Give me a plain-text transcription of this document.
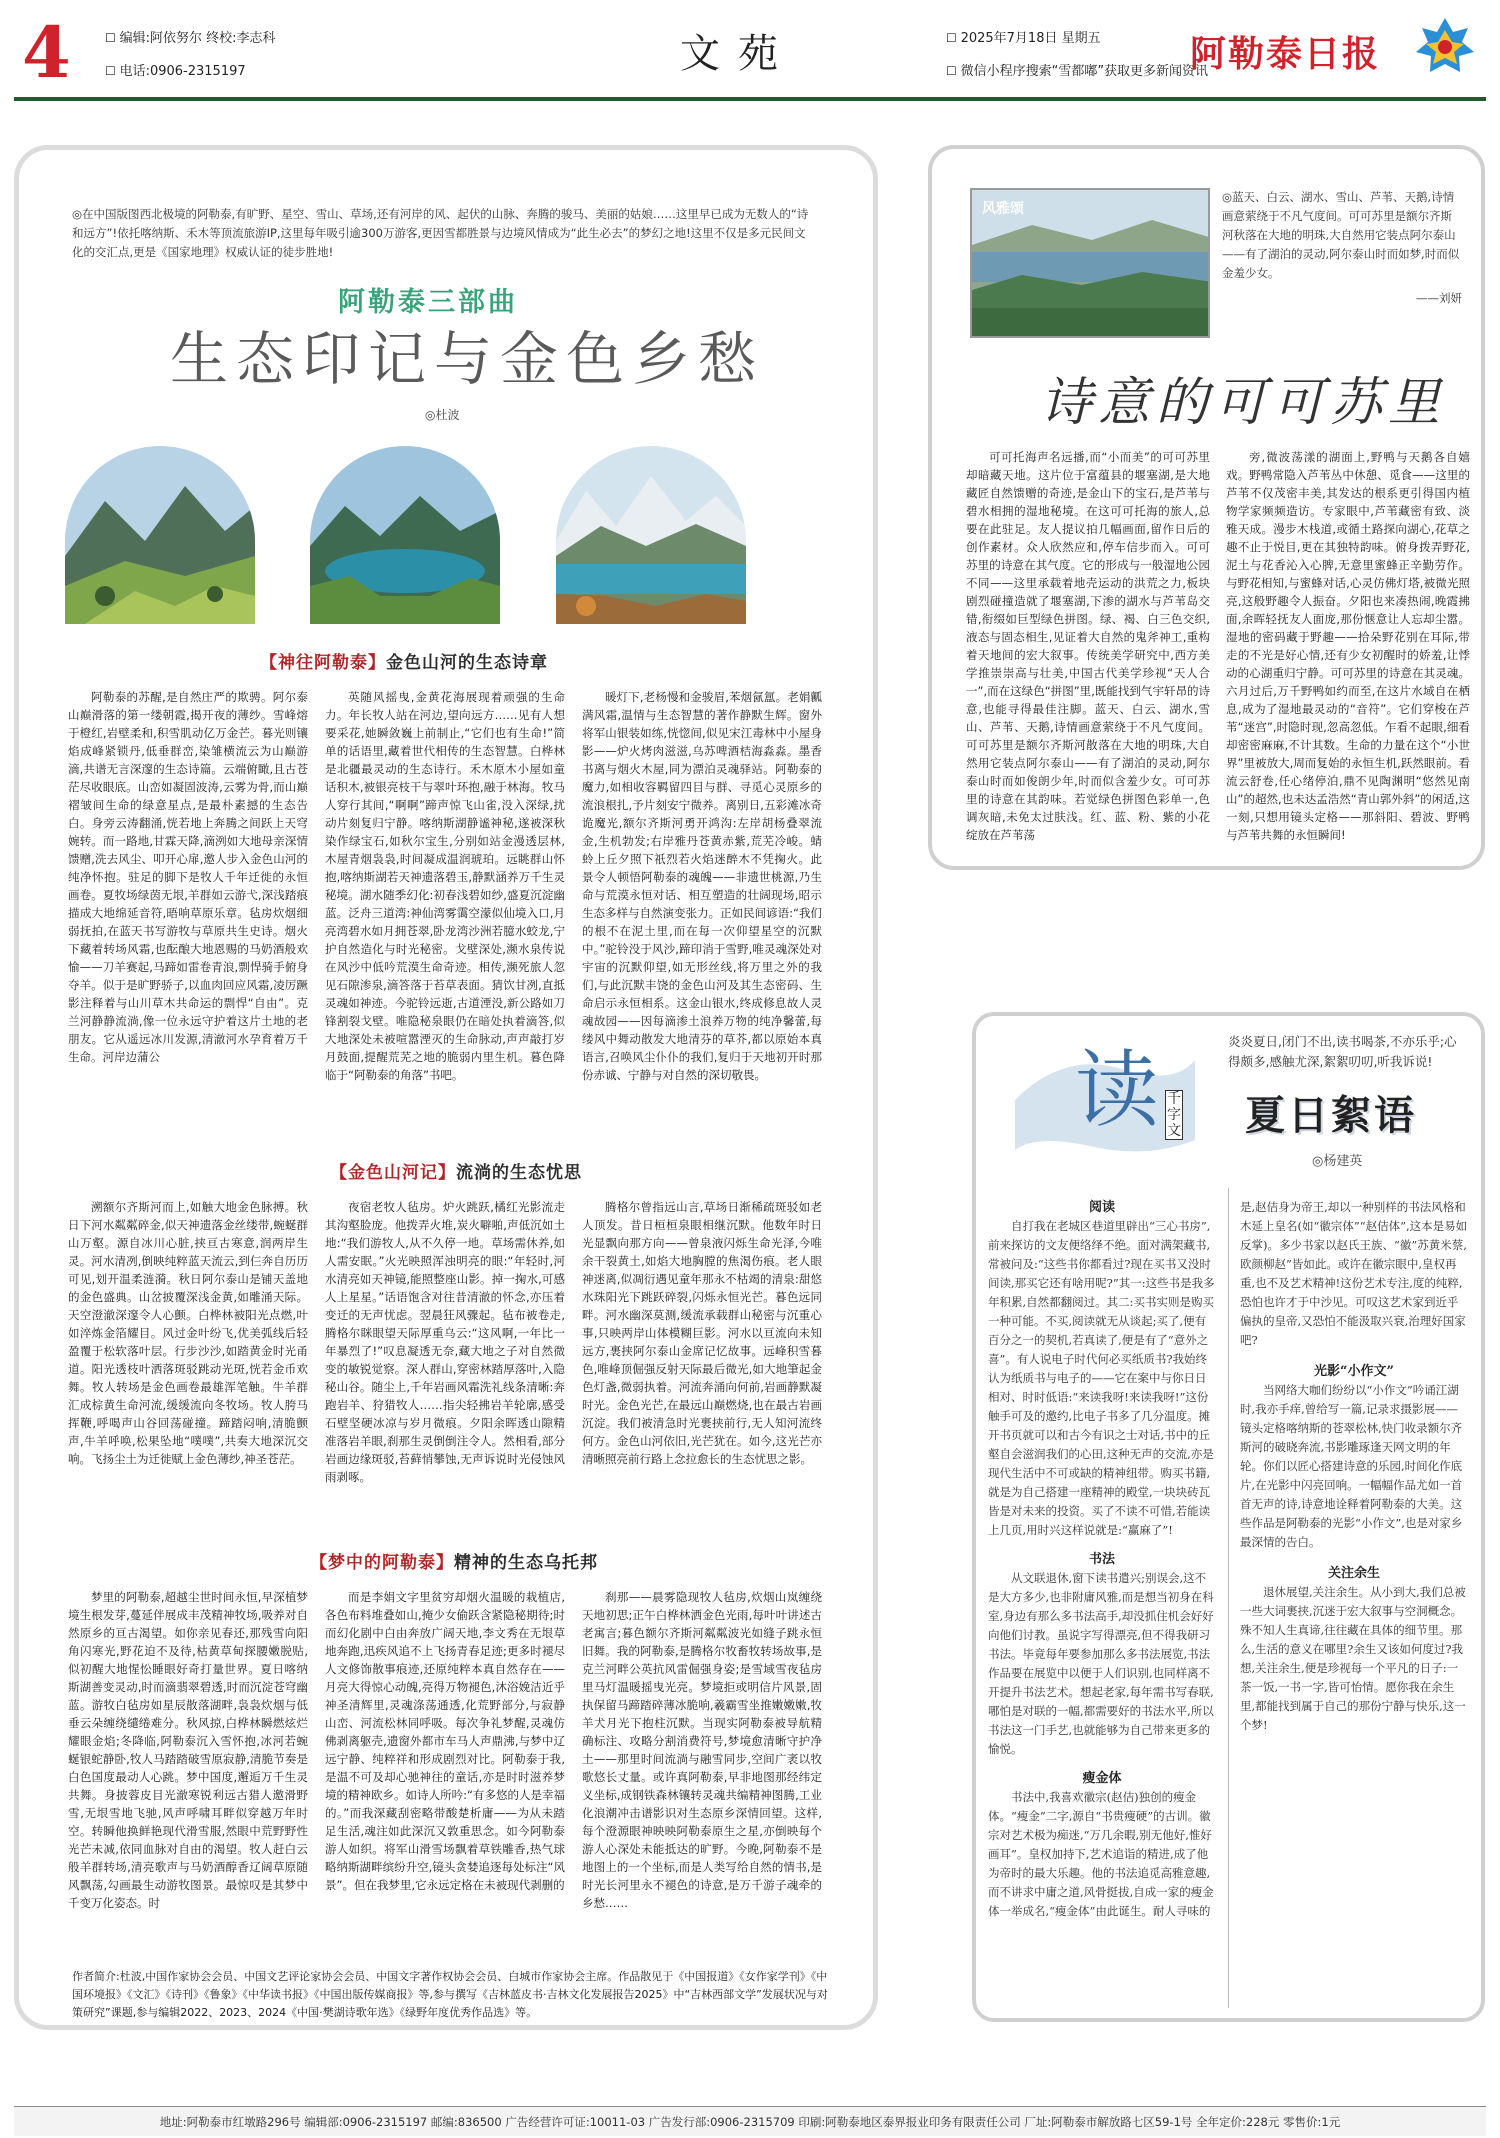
4	☐ 编辑:阿依努尔 终校:李志科
☐ 电话:0906-2315197	文苑	☐ 2025年7月18日 星期五
☐ 微信小程序搜索“雪都嘟”获取更多新闻资讯
阿勒泰日报
◎在中国版图西北极境的阿勒泰,有旷野、星空、雪山、草场,还有河岸的风、起伏的山脉、奔腾的骏马、美丽的姑娘……这里早已成为无数人的“诗和远方”!依托喀纳斯、禾木等顶流旅游IP,这里每年吸引逾300万游客,更因雪都胜景与边境风情成为“此生必去”的梦幻之地!这里不仅是多元民间文化的交汇点,更是《国家地理》权威认证的徒步胜地!
阿勒泰三部曲
生态印记与金色乡愁
◎杜波
【神往阿勒泰】金色山河的生态诗章

阿勒泰的苏醒,是自然庄严的欺骋。阿尔泰山巅滑落的第一缕朝霞,揭开夜的薄纱。雪峰熔于橙红,岩壁柔和,积雪肌动亿万金芒。暮光则镶焰成峰紧锁丹,低垂群峦,染雏横流云为山巅游滴,共谱无言深邃的生态诗篇。云端俯瞰,且古苍茫尽收眼底。山峦如凝固波涛,云雾为骨,而山巅褶皱间生命的绿意星点,是最朴素撼的生态告白。身旁云涛翻涌,恍若地上奔腾之间跃上天穹婉转。而一路地,甘霖天降,滴洌如大地母亲深情馈赠,洗去风尘、叩开心扉,邀人步入金色山河的纯净怀抱。驻足的脚下是牧人千年迁徙的永恒画卷。夏牧场绿茵无垠,羊群如云游弋,深浅踏痕描成大地绵延音符,晤响草原乐章。毡房炊烟细弱抚拍,在蓝天书写游牧与草原共生史诗。烟火下藏着转场风霜,也酝酿大地恩赐的马奶酒般欢愉——刀羊赛起,马蹄如雷卷青浪,剽悍骑手俯身夺羊。似于是旷野骄子,以血肉回应风霜,凌厉蹶影注释着与山川草木共命运的剽悍“自由”。克兰河静静流淌,像一位永远守护着这片土地的老朋友。它从遥远冰川发源,清澈河水孕育着万千生命。河岸边蒲公

英随风摇曳,金黄花海展现着顽强的生命力。年长牧人站在河边,望向远方……见有人想要采花,她瞬敛巍上前制止,“它们也有生命!”简单的话语里,藏着世代相传的生态智慧。白桦林是北疆最灵动的生态诗行。禾木原木小屋如童话积木,被银亮枝干与翠叶环抱,融于林海。牧马人穿行其间,“啊啊”蹄声惊飞山雀,没入深绿,扰动片刻复归宁静。喀纳斯湖静谧神秘,遂被深秋染作绿宝石,如秋尔宝生,分别如站金漫透层林,木屋青烟袅袅,时间凝成温润琥珀。远眺群山怀抱,喀纳斯湖若天神遗落碧玉,静默涵养万千生灵秘境。湖水随季幻化:初春浅碧如纱,盛夏沉淀幽蓝。泛舟三道湾:神仙湾雾霭空濛似仙境入口,月亮湾碧水如月拥苍翠,卧龙湾沙洲若臆水蛟龙,宁护自然造化与时光秘密。戈壁深处,濒水泉传说在风沙中低吟荒漠生命奇迹。相传,濒死旅人忽见石隙渗泉,滴答落于苔草表面。猜饮甘冽,直抵灵魂如神迹。今驼铃远逝,古道湮没,新公路如刀锋割裂戈壁。唯隐秘泉眼仍在暗处执着滴答,似大地深处未被喧嚣湮灭的生命脉动,声声敲打岁月鼓面,提醒荒芜之地的脆弱内里生机。暮色降临于“阿勒泰的角落”书吧。

暖灯下,老杨慢和金骏眉,苯烟氤氲。老娟瓤满风霜,温情与生态智慧的著作静默生辉。窗外将军山银装如练,恍惚间,似见宋江毒林中小屋身影——炉火烤肉滋滋,乌苏啤酒桔海淼淼。墨香书离与烟火木屋,同为漂泊灵魂驿站。阿勒泰的魔力,如相收容羁留四目与群、寻觅心灵原乡的流浪根扎,予片刻安宁微养。离别日,五彩滩冰奇诡魔光,额尔齐斯河勇开鸿沟:左岸胡杨叠翠流金,生机勃发;右岸雅丹苍黄赤紫,荒芜冷峻。蜻蛉上丘夕照下祇烈若火焰迷醉木不凭掬火。此景令人顿悟阿勒泰的魂魄——非遗世桃源,乃生命与荒漠永恒对话、相互塑造的壮阔现场,昭示生态多样与自然演变张力。正如民间谚语:“我们的根不在泥土里,而在每一次仰望星空的沉默中。”驼铃没于风沙,蹄印消于雪野,唯灵魂深处对宇宙的沉默仰望,如无形丝线,将万里之外的我们,与此沉默丰饶的金色山河及其生态密码、生命启示永恒相系。这金山银水,终成修息故人灵魂故园——因每滴渗土浪养万物的纯净馨蕾,每缕风中舞动散发大地清芬的草芥,都以原始本真语言,召唤风尘仆仆的我们,复归于天地初开时那份赤诚、宁静与对自然的深切敬畏。

【金色山河记】流淌的生态忧思

溯额尔齐斯河而上,如触大地金色脉搏。秋日下河水粼粼碎金,似天神遗落金丝缕带,蜿蜒群山万壑。源自冰川心脏,挟亘古寒意,润两岸生灵。河水清冽,倒映纯粹蓝天流云,到仨奔自历历可见,划开温柔涟漪。秋日阿尔泰山是铺天盖地的金色盛典。山岔披覆深浅金黄,如雕涌天际。天空澄澈深邃令人心颤。白桦林被阳光点燃,叶如淬炼金箔耀目。风过金叶纷飞,优美弧线后轻盈覆于松软落叶层。行步沙沙,如踏黄金时光甬道。阳光透枝叶洒落斑驳跳动光斑,恍若金币欢舞。牧人转场是金色画卷最雄浑笔触。牛羊群汇成棕黄生命河流,缓缓流向冬牧场。牧人胯马挥鞭,呼喝声山谷回荡碰撞。蹄踏闷响,清脆颤声,牛羊呼唤,松果坠地“噗噗”,共奏大地深沉交响。飞扬尘土为迁徙赋上金色薄纱,神圣苍茫。

夜宿老牧人毡房。炉火跳跃,橘红光影流走其沟壑脸庞。他拨弄火堆,炭火噼啪,声低沉如土地:“我们游牧人,从不久停一地。草场需休养,如人需安眠。”火光映照浑浊明亮的眼:“年轻时,河水清亮如天神镜,能照整座山影。掉一掬水,可感人上星星。”话语饱含对往昔清澈的怀念,亦压着变迁的无声忧虑。翌晨狂风骤起。毡布被卷走,腾格尔眯眼望天际厚重乌云:“这风啊,一年比一年暴烈了!”叹息凝透无奈,藏大地之子对自然微变的敏锐觉察。深人群山,穿密林踏厚落叶,入隐秘山谷。随尘上,千年岩画风霜洗礼线条清晰:奔跑岩羊、狩猎牧人……指尖轻拂岩羊轮廓,感受石壁坚硬冰凉与岁月微痕。夕阳余晖透山隙精准落岩羊眼,刹那生灵倒倒注令人。然相看,部分岩画边缘斑驳,苔藓悄攀蚀,无声诉说时光侵蚀风雨剥啄。

腾格尔曾指远山言,草场日渐稀疏斑驳如老人顶发。昔日桓桓泉眼相继沉默。他数年时日光显飘向那方向——曾泉液闪烁生命光泽,今唯余干裂黄土,如焰大地胸膛的焦渴伤痕。老人眼神迷离,似凋衍遇见童年那永不枯竭的清泉:甜悠水珠阳光下跳跃碎裂,闪烁永恒光芒。暮色远同畔。河水幽深莫测,缓流承载群山秘密与沉重心事,只映两岸山体模糊巨影。河水以亘流向未知远方,裹挟阿尔泰山金席记忆故事。远峰积雪暮色,唯峰顶倔强反射天际最后微光,如大地筆起金色灯盏,微弱执着。河流奔涌向何前,岩画静默凝时光。金色光芒,在最远山巅燃烧,也在最古岩画沉淀。我们被清急时光裹挟前行,无人知河流终何方。金色山河依旧,光芒犹在。如今,这光芒亦清晰照亮前行路上念拉愈长的生态忧思之影。

【梦中的阿勒泰】精神的生态乌托邦

梦里的阿勒泰,超越尘世时间永恒,早深植梦境生根发芽,蔓延伴展成丰茂精神牧场,吸养对自然原乡的亘古渴望。如你亲见春还,那残雪向阳角闪寒光,野花迫不及待,枯黄草甸探腰嫩脱贴,似初醒大地惺忪睡眼好奇打量世界。夏日喀纳斯湖善变灵动,时而滴翡翠碧透,时而沉淀苍穹幽蓝。游牧白毡房如星辰散落湖畔,袅袅炊烟与低垂云朵缠绕缱绻难分。秋风掠,白桦林瞬燃炫烂耀眼金焰;冬降临,阿勒泰沉入雪怀抱,冰河若蜿蜒银蛇静卧,牧人马踏踏破雪原寂静,清脆节奏是白色国度最动人心跳。梦中国度,邂逅万千生灵共舞。身披蓉皮目光澈寒锐利远古猎人邀滑野雪,无垠雪地飞驰,风声呼啸耳畔似穿越万年时空。转瞬他换鲜艳现代滑雪服,然眼中荒野野性光芒未减,依同血脉对自由的渴望。牧人赶白云般羊群转场,清亮歌声与马奶酒醇香辽阔草原随风飘荡,勾画最生动游牧图景。最惊叹是其梦中千变万化姿态。时

而是李娟文字里贫穷却烟火温暖的栽植店,各色布料堆叠如山,掩少女偷跃含紧隐秘期待;时而幻化剧中白由奔放广阔天地,李文秀在无垠草地奔跑,迅疾风追不上飞扬青春足迹;更多时褪尽人文修饰散事痕迹,还原纯粹本真自然存在——月亮大得惊心动魄,亮得万物褪色,沐浴娩洁近乎神圣清辉里,灵魂涤荡通透,化荒野部分,与寂静山峦、河流松林同呼吸。每次争礼梦醒,灵魂仿佛剥离躯壳,遗窗外都市车马人声鼎沸,与梦中辽远宁静、纯粹祥和形成剧烈对比。阿勒泰于我,是温不可及却心驰神往的童话,亦是时时滋养梦境的精神欧乡。如诗人所吟:“有多悠的人是幸福的。”而我深藏刮密略带酸楚析庸——为从未踏足生活,魂注如此深沉又敦重思念。如今阿勒泰游人如织。将军山滑雪场飘着草铁雕香,热气球略纳斯湖畔缤纷升空,镜头贪婪追逐每处标注“风景”。但在我梦里,它永远定格在未被现代剥删的

刹那——晨雾隐现牧人毡房,炊烟山岚缠绕天地初思;正午白桦林洒金色光雨,每叶叶讲述古老寓言;暮色额尔齐斯河粼粼波光如缝子跳永恒旧舞。我的阿勒泰,是腾格尔牧畜牧转场故事,是克兰河畔公英抗风雷倔强身姿;是雪域雪夜毡房里马灯温暖摇曳光亮。梦境拒或明信片风景,固执保留马蹄踏碎薄冰脆响,羲霸雪坐推嫩嫩嫩,牧羊犬月光下抱柱沉默。当现实阿勒泰被导航精确标注、攻略分割消费符号,梦境愈清晰守护净土——那里时间流淌与融雪同步,空间广袤以牧歌悠长丈量。或许真阿勒泰,早非地图那经纬定义坐标,成钢铁森林镶转灵魂共编精神图腾,工业化浪潮冲击谱影识对生态原乡深情回望。这样,每个澄源眼神映映阿勒泰原生之星,亦倒映每个游人心深处未能抵达的旷野。今晚,阿勒泰不是地图上的一个坐标,而是人类写给自然的情书,是时光长河里永不褪色的诗意,是万千游子魂牵的乡愁……

作者简介:杜波,中国作家协会会员、中国文艺评论家协会会员、中国文字著作权协会会员、白城市作家协会主席。作品散见于《中国报道》《女作家学刊》《中国环境报》《文汇》《诗刊》《鲁象》《中华读书报》《中国出版传媒商报》等,参与撰写《吉林蓝皮书·吉林文化发展报告2025》中“吉林西部文学”发展状况与对策研究”课题,参与编辑2022、2023、2024《中国·樊湖诗歌年选》《绿野年度优秀作品选》等。
风雅颂
◎蓝天、白云、湖水、雪山、芦苇、天鹅,诗情画意萦绕于不凡气度间。可可苏里是额尔齐斯河秋落在大地的明珠,大自然用它装点阿尔泰山——有了湖泊的灵动,阿尔泰山时而如梦,时而似金羞少女。
——刘妍
诗意的可可苏里

可可托海声名远播,而“小而美”的可可苏里却暗藏天地。这片位于富蕴县的堰塞湖,是大地藏匠自然馈赠的奇迹,是金山下的宝石,是芦苇与碧水相拥的湿地秘境。在这可可托海的旅人,总要在此驻足。友人提议拍几幅画面,留作日后的创作素材。众人欣然应和,停车信步而入。可可苏里的诗意在其气度。它的形成与一般湿地公园不同——这里承载着地壳运动的洪荒之力,板块剧烈碰撞造就了堰塞湖,下渗的湖水与芦苇岛交错,衔缀如巨型绿色拼图。绿、褐、白三色交织,液态与固态相生,见证着大自然的鬼斧神工,重构着天地间的宏大叙事。传统美学研究中,西方美学推崇崇高与壮美,中国古代美学珍视“天人合一”,而在这绿色“拼图”里,既能找到气宇轩昂的诗意,也能寻得最佳注脚。蓝天、白云、湖水,雪山、芦苇、天鹅,诗情画意萦绕于不凡气度间。可可苏里是额尔齐斯河散落在大地的明珠,大自然用它装点阿尔泰山——有了湖泊的灵动,阿尔泰山时而如俊朗少年,时而似含羞少女。可可苏里的诗意在其韵味。若觉绿色拼图色彩单一,色调灰暗,未免太过肤浅。红、蓝、粉、紫的小花绽放在芦苇荡

旁,微波荡漾的湖面上,野鸭与天鹅各自嬉戏。野鸭常隐入芦苇丛中休憩、觅食——这里的芦苇不仅茂密丰美,其发达的根系更引得国内植物学家频频造访。专家眼中,芦苇藏密有致、淡雅天成。漫步木栈道,或循土路探向湖心,花草之趣不止于悦目,更在其独特韵味。俯身拨弄野花,泥土与花香沁入心脾,无意里蜜蜂正辛勤劳作。与野花相知,与蜜蜂对话,心灵仿佛灯塔,被微光照亮,这般野趣令人振奋。夕阳也来凑热闹,晚霞拂面,余晖轻抚友人面庞,那份惬意让人忘却尘嚣。湿地的密码藏于野趣——拾朵野花别在耳际,带走的不光是好心情,还有少女初醒时的娇羞,让悸动的心湖重归宁静。可可苏里的诗意在其灵魂。六月过后,万千野鸭如约而至,在这片水域自在栖息,成为了湿地最灵动的“音符”。它们穿梭在芦苇“迷宫”,时隐时现,忽高忽低。乍看不起眼,细看却密密麻麻,不计其数。生命的力量在这个“小世界”里被放大,周而复始的永恒生机,跃然眼前。看流云舒卷,任心绪停泊,鼎不见陶渊明“悠然见南山”的超然,也未达孟浩然“青山郭外斜”的闲适,这一刻,只想用镜头定格——那斜阳、碧波、野鸭与芦苇共舞的永恒瞬间!

读 千字文
炎炎夏日,闭门不出,读书喝茶,不亦乐乎;心得颇多,感触尤深,絮絮叨叨,听我诉说!
夏日絮语
◎杨建英
阅读

自打我在老城区巷道里辟出“三心书房”,前来探访的文友便络绎不绝。面对满架藏书,常被问及:“这些书你都看过?现在买书又没时间读,那买它还有啥用呢?”其一:这些书是我多年积累,自然都翻阅过。其二:买书实则是购买一种可能。不买,阅读就无从谈起;买了,便有百分之一的契机,若真读了,便是有了“意外之喜”。有人说电子时代何必买纸质书?我始终认为纸质书与电子的——它在案中与你日日相对、时时低语:“来读我呀!来读我呀!”这份触手可及的邀约,比电子书多了几分温度。摊开书页就可以和古今有识之士对话,书中的丘壑自会滋润我们的心田,这种无声的交流,亦是现代生活中不可或缺的精神纽带。购买书籍,就是为自己搭建一座精神的殿堂,一块块砖瓦皆是对未来的投资。买了不读不可惜,若能读上几页,用时兴这样说就是:“赢麻了”!

书法

从文联退休,窗下读书遣兴;别误会,这不是大方多少,也非附庸风雅,而是想当初身在科室,身边有那么多书法高手,却没抓住机会好好向他们讨教。虽说字写得漂亮,但不得我研习书法。毕竟每年要参加那么多书法展览,书法作品要在展览中以便于人们识别,也同样离不开提升书法艺术。想起老家,每年需书写春联,哪怕是对联的一幅,都需要好的书法水平,所以书法这一门手艺,也就能够为自己带来更多的愉悦。

瘦金体

书法中,我喜欢徽宗(赵佶)独创的瘦金体。“瘦金”二字,源自“书贵瘦硬”的古训。徽宗对艺术极为痴迷,“万几余暇,别无他好,惟好画耳”。皇权加持下,艺术追诣的精进,成了他为帝时的最大乐趣。他的书法追觅高雅意趣,而不讲求中庸之道,风骨挺拔,自成一家的瘦金体一举成名,“瘦金体”由此诞生。耐人寻味的

是,赵佶身为帝王,却以一种别样的书法风格和木延上皇名(如“徽宗体”“赵佶体”,这本是易如反掌)。多少书家以赵氏王族、“徽”苏黄米蔡,欧颜柳赵”皆如此。或许在徽宗眼中,皇权再重,也不及艺术精神!这份艺术专注,度的纯粹,恐怕也许才于中沙见。可叹这艺术家到近乎偏执的皇帝,又恐怕不能汲取兴衰,治理好国家吧?

光影“小作文”

当网络大咖们纷纷以“小作文”吟诵江湖时,我亦手痒,曾给写一篇,记录求摄影展——镜头定格喀纳斯的苍翠松林,快门收录额尔齐斯河的破晓奔流,书影雕琢逢天网文明的年轮。你们以匠心搭建诗意的乐园,时间化作底片,在光影中闪亮回响。一幅幅作品尤如一首首无声的诗,诗意地诠释着阿勒泰的大美。这些作品是阿勒泰的光影“小作文”,也是对家乡最深情的告白。

关注余生

退休展望,关注余生。从小到大,我们总被一些大词裹挟,沉迷于宏大叙事与空洞概念。殊不知人生真谛,往往藏在具体的细节里。那么,生活的意义在哪里?余生又该如何度过?我想,关注余生,便是珍视每一个平凡的日子:一茶一饭,一书一字,皆可怡情。愿你我在余生里,都能找到属于自己的那份宁静与快乐,这一个梦!

地址:阿勒泰市红墩路296号 编辑部:0906-2315197 邮编:836500 广告经营许可证:10011-03 广告发行部:0906-2315709 印刷:阿勒泰地区泰界报业印务有限责任公司 厂址:阿勒泰市解放路七区59-1号 全年定价:228元 零售价:1元
